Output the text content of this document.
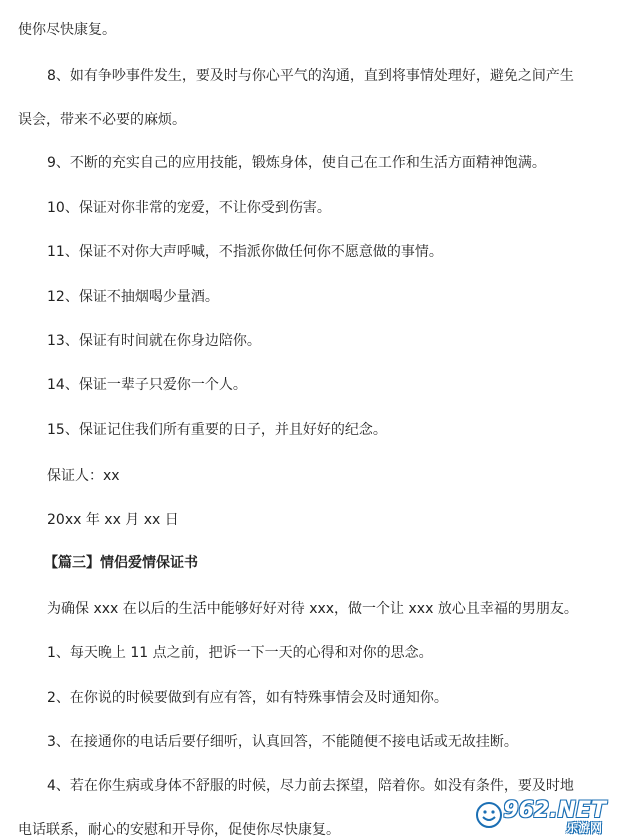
使你尽快康复。
8、如有争吵事件发生，要及时与你心平气的沟通，直到将事情处理好，避免之间产生
误会，带来不必要的麻烦。
9、不断的充实自己的应用技能，锻炼身体，使自己在工作和生活方面精神饱满。
10、保证对你非常的宠爱，不让你受到伤害。
11、保证不对你大声呼喊，不指派你做任何你不愿意做的事情。
12、保证不抽烟喝少量酒。
13、保证有时间就在你身边陪你。
14、保证一辈子只爱你一个人。
15、保证记住我们所有重要的日子，并且好好的纪念。
保证人：xx
20xx 年 xx 月 xx 日
【篇三】情侣爱情保证书
为确保 xxx 在以后的生活中能够好好对待 xxx，做一个让 xxx 放心且幸福的男朋友。
1、每天晚上 11 点之前，把诉一下一天的心得和对你的思念。
2、在你说的时候要做到有应有答，如有特殊事情会及时通知你。
3、在接通你的电话后要仔细听，认真回答，不能随便不接电话或无故挂断。
4、若在你生病或身体不舒服的时候，尽力前去探望，陪着你。如没有条件，要及时地
电话联系，耐心的安慰和开导你，促使你尽快康复。
962.NET
乐游网
